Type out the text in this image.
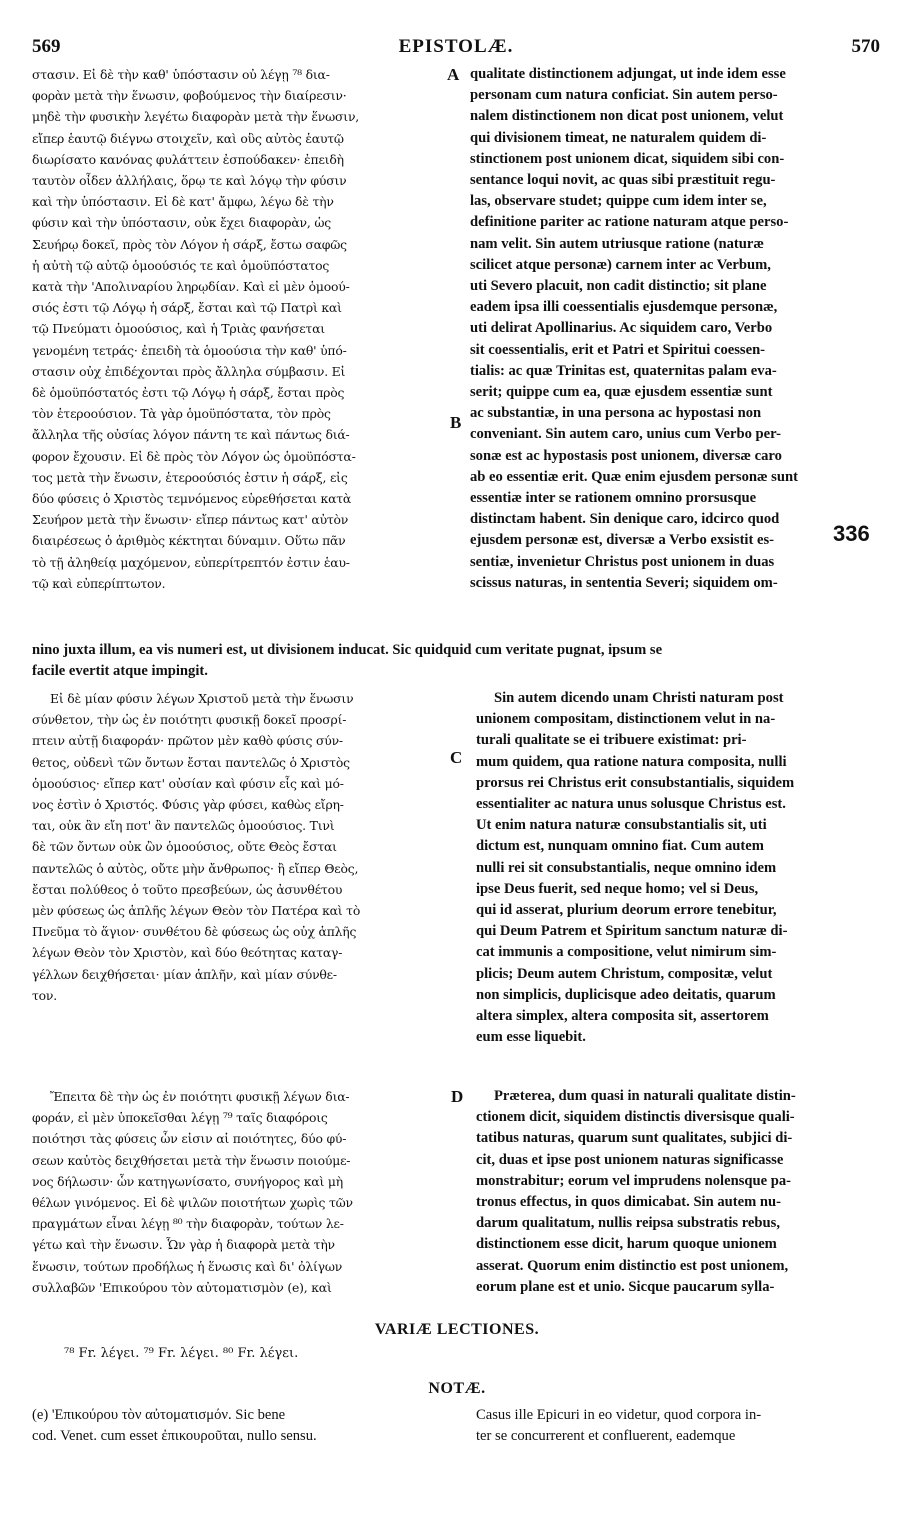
569	EPISTOLÆ.	570

στασιν. Εἰ δὲ τὴν καθ' ὑπόστασιν οὐ λέγῃ ⁷⁸ δια-

φορὰν μετὰ τὴν ἕνωσιν, φοβούμενος τὴν διαίρεσιν·

μηδὲ τὴν φυσικὴν λεγέτω διαφορὰν μετὰ τὴν ἕνωσιν,

εἴπερ ἑαυτῷ διέγνω στοιχεῖν, καὶ οὓς αὐτὸς ἑαυτῷ

διωρίσατο κανόνας φυλάττειν ἐσπούδακεν· ἐπειδὴ

ταυτὸν οἶδεν ἀλλήλαις, ὅρῳ τε καὶ λόγῳ τὴν φύσιν

καὶ τὴν ὑπόστασιν. Εἰ δὲ κατ' ἄμφω, λέγω δὲ τὴν

φύσιν καὶ τὴν ὑπόστασιν, οὐκ ἔχει διαφορὰν, ὡς

Σευήρῳ δοκεῖ, πρὸς τὸν Λόγον ἡ σάρξ, ἔστω σαφῶς

ἡ αὐτὴ τῷ αὐτῷ ὁμοούσιός τε καὶ ὁμοϋπόστατος

κατὰ τὴν 'Απολιναρίου ληρῳδίαν. Καὶ εἰ μὲν ὁμοού-

σιός ἐστι τῷ Λόγῳ ἡ σάρξ, ἔσται καὶ τῷ Πατρὶ καὶ

τῷ Πνεύματι ὁμοούσιος, καὶ ἡ Τριὰς φανήσεται

γενομένη τετράς· ἐπειδὴ τὰ ὁμοούσια τὴν καθ' ὑπό-

στασιν οὐχ ἐπιδέχονται πρὸς ἄλληλα σύμβασιν. Εἰ

δὲ ὁμοϋπόστατός ἐστι τῷ Λόγῳ ἡ σάρξ, ἔσται πρὸς

τὸν ἑτεροούσιον. Τὰ γὰρ ὁμοϋπόστατα, τὸν πρὸς

ἄλληλα τῆς οὐσίας λόγον πάντη τε καὶ πάντως διά-

φορον ἔχουσιν. Εἰ δὲ πρὸς τὸν Λόγον ὡς ὁμοϋπόστα-

τος μετὰ τὴν ἕνωσιν, ἑτεροούσιός ἐστιν ἡ σάρξ, εἰς

δύο φύσεις ὁ Χριστὸς τεμνόμενος εὑρεθήσεται κατὰ

Σευήρον μετὰ τὴν ἕνωσιν· εἴπερ πάντως κατ' αὐτὸν

διαιρέσεως ὁ ἀριθμὸς κέκτηται δύναμιν. Οὕτω πᾶν

τὸ τῇ ἀληθείᾳ μαχόμενον, εὐπερίτρεπτόν ἐστιν ἑαυ-

τῷ καὶ εὐπερίπτωτον.

qualitate distinctionem adjungat, ut inde idem esse

personam cum natura conficiat. Sin autem perso-

nalem distinctionem non dicat post unionem, velut

qui divisionem timeat, ne naturalem quidem di-

stinctionem post unionem dicat, siquidem sibi con-

sentance loqui novit, ac quas sibi præstituit regu-

las, observare studet; quippe cum idem inter se,

definitione pariter ac ratione naturam atque perso-

nam velit. Sin autem utriusque ratione (naturæ

scilicet atque personæ) carnem inter ac Verbum,

uti Severo placuit, non cadit distinctio; sit plane

eadem ipsa illi coessentialis ejusdemque personæ,

uti delirat Apollinarius. Ac siquidem caro, Verbo

sit coessentialis, erit et Patri et Spiritui coessen-

tialis: ac quæ Trinitas est, quaternitas palam eva-

serit; quippe cum ea, quæ ejusdem essentiæ sunt

ac substantiæ, in una persona ac hypostasi non

conveniant. Sin autem caro, unius cum Verbo per-

sonæ est ac hypostasis post unionem, diversæ caro

ab eo essentiæ erit. Quæ enim ejusdem personæ sunt

essentiæ inter se rationem omnino prorsusque

distinctam habent. Sin denique caro, idcirco quod

ejusdem personæ est, diversæ a Verbo exsistit es-

sentiæ, invenietur Christus post unionem in duas

scissus naturas, in sententia Severi; siquidem om-

A
B
336

nino juxta illum, ea vis numeri est, ut divisionem inducat. Sic quidquid cum veritate pugnat, ipsum se

facile evertit atque impingit.

Εἰ δὲ μίαν φύσιν λέγων Χριστοῦ μετὰ τὴν ἕνωσιν

σύνθετον, τὴν ὡς ἐν ποιότητι φυσικῇ δοκεῖ προσρί-

πτειν αὐτῇ διαφοράν· πρῶτον μὲν καθὸ φύσις σύν-

θετος, οὐδενὶ τῶν ὄντων ἔσται παντελῶς ὁ Χριστὸς

ὁμοούσιος· εἴπερ κατ' οὐσίαν καὶ φύσιν εἷς καὶ μό-

νος ἐστὶν ὁ Χριστός. Φύσις γὰρ φύσει, καθὼς εἴρη-

ται, οὐκ ἂν εἴη ποτ' ἂν παντελῶς ὁμοούσιος. Τινὶ

δὲ τῶν ὄντων οὐκ ὢν ὁμοούσιος, οὔτε Θεὸς ἔσται

παντελῶς ὁ αὐτὸς, οὔτε μὴν ἄνθρωπος· ἢ εἴπερ Θεὸς,

ἔσται πολύθεος ὁ τοῦτο πρεσβεύων, ὡς ἀσυνθέτου

μὲν φύσεως ὡς ἁπλῆς λέγων Θεὸν τὸν Πατέρα καὶ τὸ

Πνεῦμα τὸ ἅγιον· συνθέτου δὲ φύσεως ὡς οὐχ ἁπλῆς

λέγων Θεὸν τὸν Χριστὸν, καὶ δύο θεότητας καταγ-

γέλλων δειχθήσεται· μίαν ἁπλῆν, καὶ μίαν σύνθε-

τον.

Sin autem dicendo unam Christi naturam post

unionem compositam, distinctionem velut in na-

turali qualitate se ei tribuere existimat: pri-

mum quidem, qua ratione natura composita, nulli

prorsus rei Christus erit consubstantialis, siquidem

essentialiter ac natura unus solusque Christus est.

Ut enim natura naturæ consubstantialis sit, uti

dictum est, nunquam omnino fiat. Cum autem

nulli rei sit consubstantialis, neque omnino idem

ipse Deus fuerit, sed neque homo; vel si Deus,

qui id asserat, plurium deorum errore tenebitur,

qui Deum Patrem et Spiritum sanctum naturæ di-

cat immunis a compositione, velut nimirum sim-

plicis; Deum autem Christum, compositæ, velut

non simplicis, duplicisque adeo deitatis, quarum

altera simplex, altera composita sit, assertorem

eum esse liquebit.

C

Ἔπειτα δὲ τὴν ὡς ἐν ποιότητι φυσικῇ λέγων δια-

φοράν, εἰ μὲν ὑποκεῖσθαι λέγῃ ⁷⁹ ταῖς διαφόροις

ποιότησι τὰς φύσεις ὧν εἰσιν αἱ ποιότητες, δύο φύ-

σεων καὐτὸς δειχθήσεται μετὰ τὴν ἕνωσιν ποιούμε-

νος δήλωσιν· ὧν κατηγωνίσατο, συνήγορος καὶ μὴ

θέλων γινόμενος. Εἰ δὲ ψιλῶν ποιοτήτων χωρὶς τῶν

πραγμάτων εἶναι λέγῃ ⁸⁰ τὴν διαφορὰν, τούτων λε-

γέτω καὶ τὴν ἕνωσιν. Ὧν γὰρ ἡ διαφορὰ μετὰ τὴν

ἕνωσιν, τούτων προδήλως ἡ ἕνωσις καὶ δι' ὀλίγων

συλλαβῶν 'Επικούρου τὸν αὐτοματισμὸν (e), καὶ

Præterea, dum quasi in naturali qualitate distin-

ctionem dicit, siquidem distinctis diversisque quali-

tatibus naturas, quarum sunt qualitates, subjici di-

cit, duas et ipse post unionem naturas significasse

monstrabitur; eorum vel imprudens nolensque pa-

tronus effectus, in quos dimicabat. Sin autem nu-

darum qualitatum, nullis reipsa substratis rebus,

distinctionem esse dicit, harum quoque unionem

asserat. Quorum enim distinctio est post unionem,

eorum plane est et unio. Sicque paucarum sylla-

D
VARIÆ LECTIONES.
⁷⁸ Fr. λέγει. ⁷⁹ Fr. λέγει. ⁸⁰ Fr. λέγει.
NOTÆ.

(e) 'Επικούρου τὸν αὐτοματισμόν. Sic bene

cod. Venet. cum esset ἐπικουροῦται, nullo sensu.

Casus ille Epicuri in eo videtur, quod corpora in-

ter se concurrerent et confluerent, eademque
